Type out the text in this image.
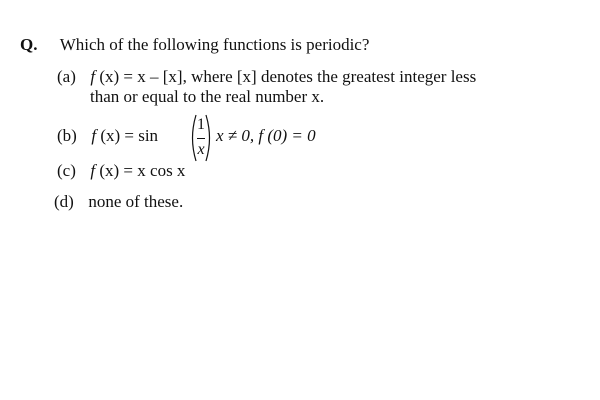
Q. Which of the following functions is periodic?
(a) f (x) = x – [x], where [x] denotes the greatest integer less
than or equal to the real number x.
(b) f (x) = sin
1
x
x ≠ 0, f (0) = 0
(c) f (x) = x cos x
(d) none of these.
